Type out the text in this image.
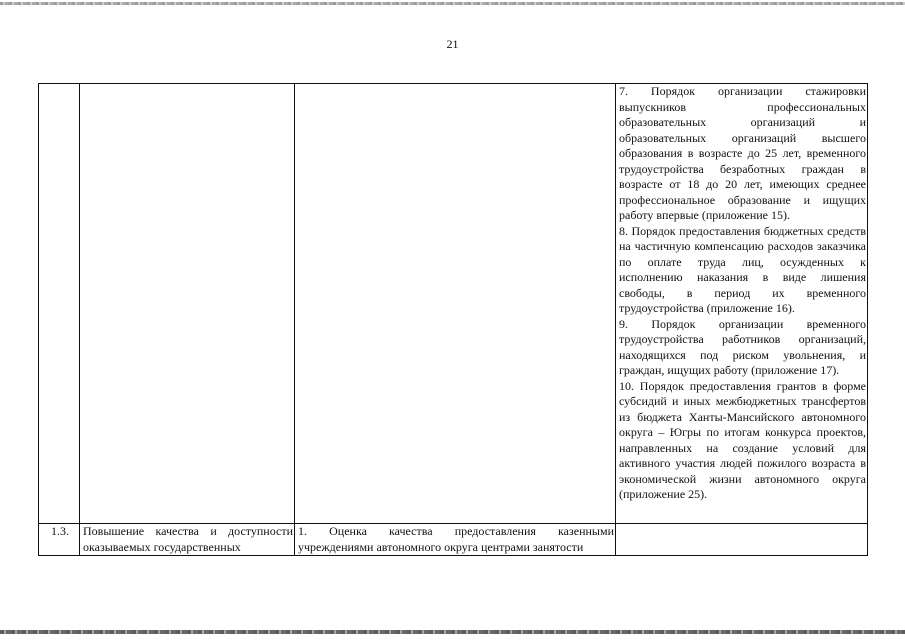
21

			7. Порядок организации стажировки выпускников профессиональных образовательных организаций и образовательных организаций высшего образования в возрасте до 25 лет, временного трудоустройства безработных граждан в возрасте от 18 до 20 лет, имеющих среднее профессиональное образование и ищущих работу впервые (приложение 15).
8. Порядок предоставления бюджетных средств на частичную компенсацию расходов заказчика по оплате труда лиц, осужденных к исполнению наказания в виде лишения свободы, в период их временного трудоустройства (приложение 16).
9. Порядок организации временного трудоустройства работников организаций, находящихся под риском увольнения, и граждан, ищущих работу (приложение 17).
10. Порядок предоставления грантов в форме субсидий и иных межбюджетных трансфертов из бюджета Ханты-Мансийского автономного округа – Югры по итогам конкурса проектов, направленных на создание условий для активного участия людей пожилого возраста в экономической жизни автономного округа (приложение 25).

1.3.	Повышение качества и доступности оказываемых государственных	1. Оценка качества предоставления казенными учреждениями автономного округа центрами занятости	
